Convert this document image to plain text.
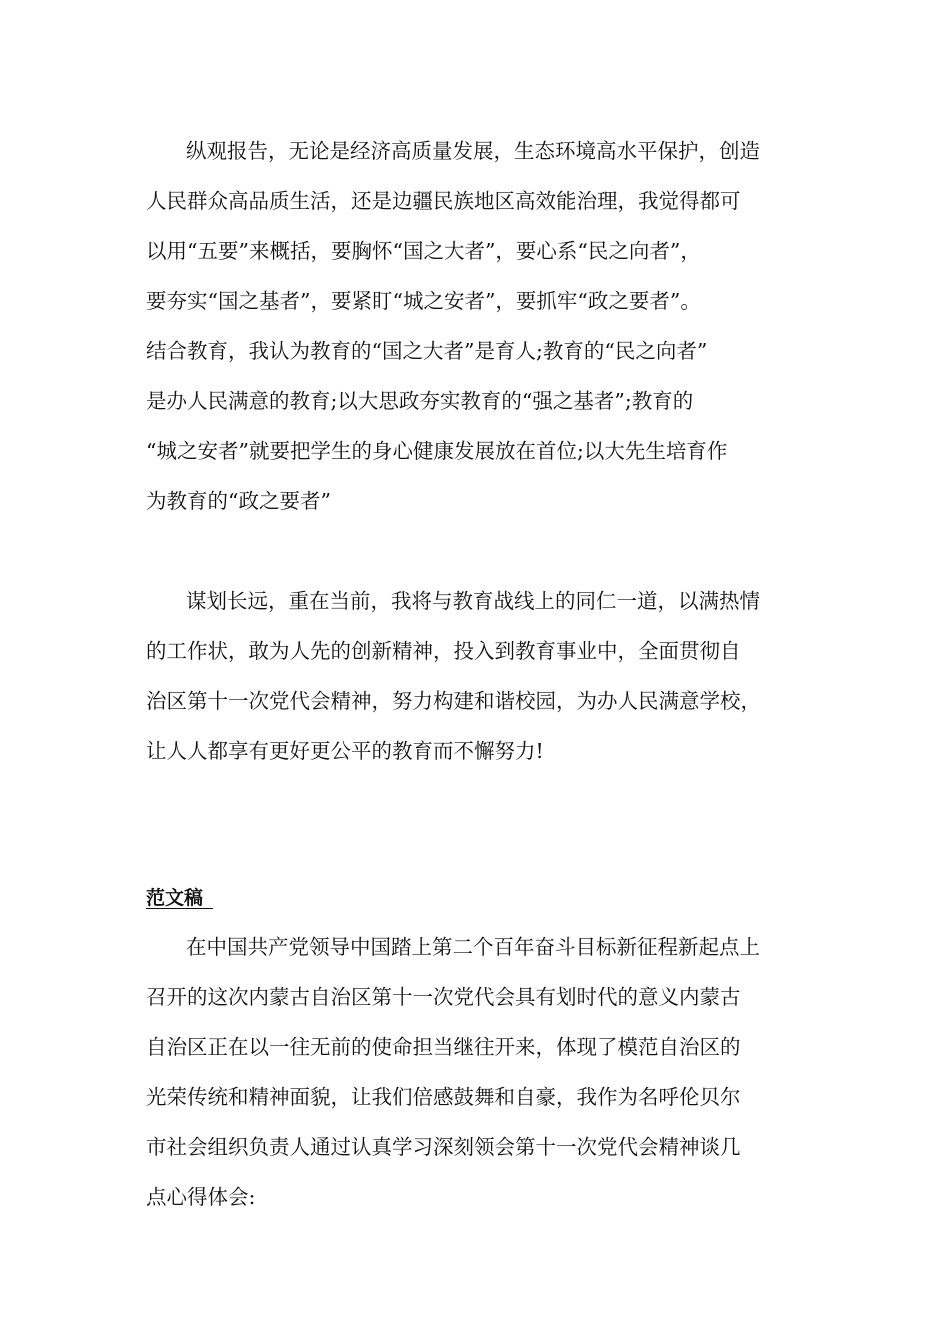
纵观报告，无论是经济高质量发展，生态环境高水平保护，创造
人民群众高品质生活，还是边疆民族地区高效能治理，我觉得都可
以用“五要”来概括，要胸怀“国之大者”，要心系“民之向者”，
要夯实“国之基者”，要紧盯“城之安者”，要抓牢“政之要者”。
结合教育，我认为教育的“国之大者”是育人;教育的“民之向者”
是办人民满意的教育;以大思政夯实教育的“强之基者”;教育的
“城之安者”就要把学生的身心健康发展放在首位;以大先生培育作
为教育的“政之要者”
谋划长远，重在当前，我将与教育战线上的同仁一道，以满热情
的工作状，敢为人先的创新精神，投入到教育事业中，全面贯彻自
治区第十一次党代会精神，努力构建和谐校园，为办人民满意学校，
让人人都享有更好更公平的教育而不懈努力!
范文稿
在中国共产党领导中国踏上第二个百年奋斗目标新征程新起点上
召开的这次内蒙古自治区第十一次党代会具有划时代的意义内蒙古
自治区正在以一往无前的使命担当继往开来，体现了模范自治区的
光荣传统和精神面貌，让我们倍感鼓舞和自豪，我作为名呼伦贝尔
市社会组织负责人通过认真学习深刻领会第十一次党代会精神谈几
点心得体会:
